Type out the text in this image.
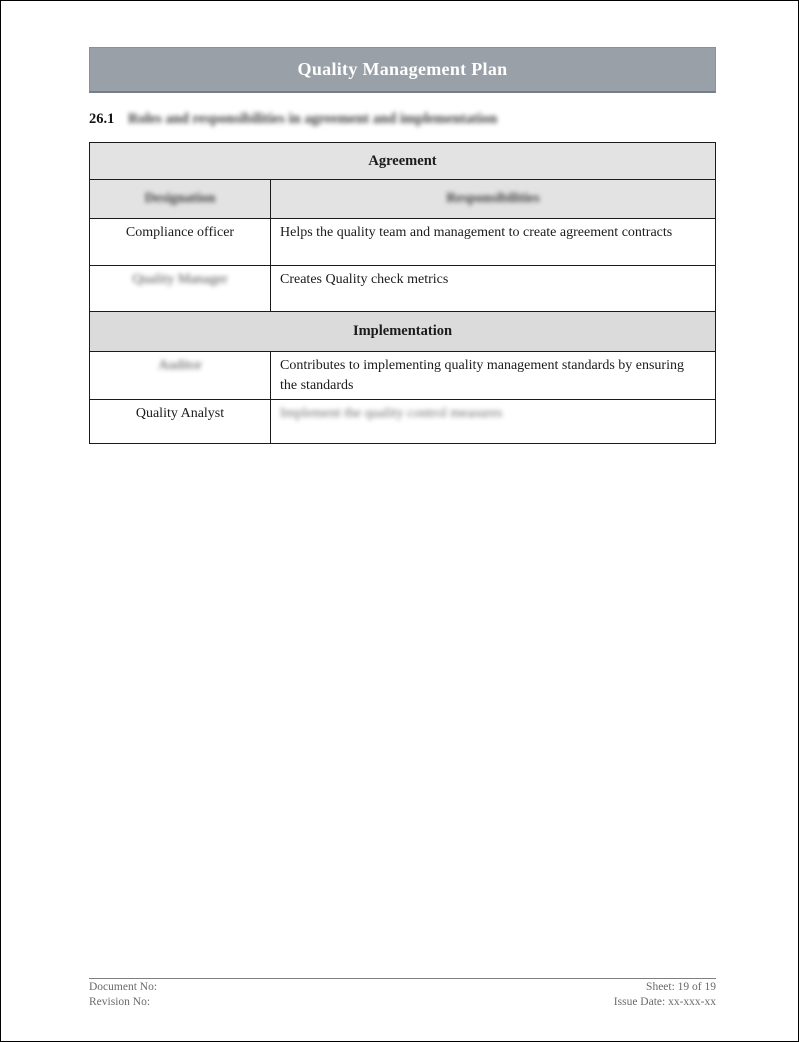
Quality Management Plan
26.1 Roles and responsibilities in agreement and implementation
Agreement	
Designation	Responsibilities
Compliance officer	Helps the quality team and management to create agreement contracts
Quality Manager	Creates Quality check metrics
Implementation	
Auditor	Contributes to implementing quality management standards by ensuring the standards
Quality Analyst	Implement the quality control measures
Document No:
Revision No:
Sheet: 19 of 19
Issue Date: xx-xxx-xx
